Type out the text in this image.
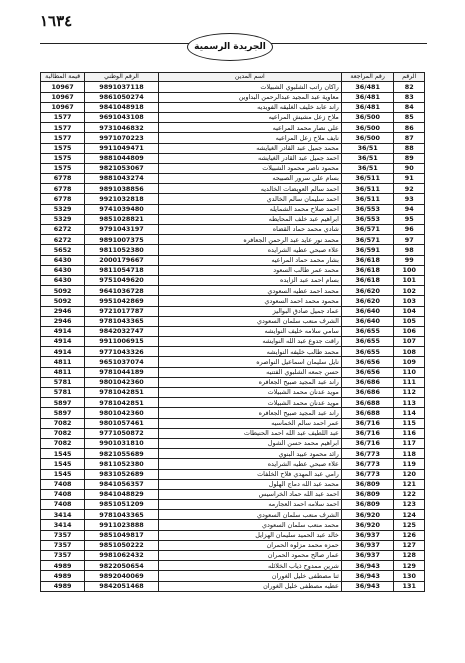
١٦٣٤
الجريدة الرسمية
قيمة المطالبة	الرقم الوطني	اسم المدين	رقم المراجعة	الرقم
10967	9891037118	راكان راتب الشلبوي الشبيلات	36/481	82
10967	9861050274	معاوية عبد المجيد عبدالرحمن البداوين	36/481	83
10967	9841048918	راند عابد خليف الغليقه الفويديه	36/481	84
1577	9691043108	ملاح زعل مشيش المراعيه	36/500	85
1577	9731046832	علي نصار محمد المراعيه	36/500	86
1577	9971070223	نايف ملاح زعل المراعيه	36/500	87
1575	9911049471	محمد جميل عبد القادر الغيايشه	36/51	88
1575	9881044809	احمد جميل عبد القادر الغيايشه	36/51	89
1575	9821053067	محمود ناصر محمود الشبيلات	36/51	90
6778	9881043274	بسام علي سرور الصبيحه	36/511	91
6778	9891038856	احمد سالم العويضات الخالديه	36/511	92
6778	9921032818	احمد سليمان سالم الخالدي	36/511	93
5329	9741039480	احمد صلاح محمد الشمايله	36/553	94
5329	9851028821	ابراهيم عبد خلف المحايطه	36/553	95
6272	9791043197	شادي محمد حماد القضاه	36/571	96
6272	9891007375	محمد نور عايد عبد الرحمن الجعافره	36/571	97
5652	9811052380	علاء صبحي عطيه الشرايده	36/591	98
6430	2000179667	بشار محمد حماد المراعيه	36/618	99
6430	9811054718	محمد عمر طالب السعود	36/618	100
6430	9751049620	بسام احمد عبد الزايده	36/618	101
5092	9641036728	محمد احمد عطيه السعودي	36/620	102
5092	9951042869	محمود محمد احمد السعودي	36/620	103
2946	9721017787	عماد جميل صادق البواليز	36/640	104
2946	9781043365	الشرف منعب سلمان السعودي	36/640	105
4914	9842032747	سامي سلامه خليف النوايشه	36/655	106
4914	9911006915	راقت جدوع عبد الله النوايشه	36/655	107
4914	9771043326	محمد طالب خليفه النوايشه	36/655	108
4811	9651037074	نايل سليمان اسماعيل النواصره	36/656	109
4811	9781044189	حسن جمعه الشلبوي الفتنيه	36/656	110
5781	9801042360	راند عبد المجيد صبيح الجعافره	36/686	111
5781	9781042851	مويد عدنان محمد الشبيلات	36/686	112
5897	9781042851	مويد عدنان محمد الشبيلات	36/688	113
5897	9801042360	راند عبد المجيد صبيح الجعافره	36/688	114
7082	9801057461	عمر احمد سالم الخماسيه	36/716	115
7082	9771050872	عبد اللطيف عبد الله احمد الحنيطات	36/716	116
7082	9901031810	ابراهيم محمد حسن الشول	36/716	117
1545	9821055689	رائد محمود عبيد البنوي	36/773	118
1545	9811052380	علاء صبحي عطيه الشرايده	36/773	119
1545	9831052689	رامي عبد المهدي فلاح الخلفات	36/773	120
7408	9841056357	محمد عبد الله دماج الهلول	36/809	121
7408	9841048829	احمد عبد الله حماد الخراسيس	36/809	122
7408	9851051209	احمد سلامه احمد العجارمه	36/809	123
3414	9781043365	الشرف منعب سلمان السعودي	36/920	124
3414	9911023888	محمد منعب سلمان السعودي	36/920	125
7357	9851049817	خالد عبد الحميد سليمان الهزايل	36/937	126
7357	9851050222	حمزه محمد مزلوه الحمران	36/937	127
7357	9981062432	عمار صالح محمود الحمران	36/937	128
4989	9822050654	شرين ممدوح ذياب الخلائله	36/943	129
4989	9892040069	ثنا مصطفى خليل الغوران	36/943	130
4989	9842051468	عطيه مصطفى خليل الغوران	36/943	131
